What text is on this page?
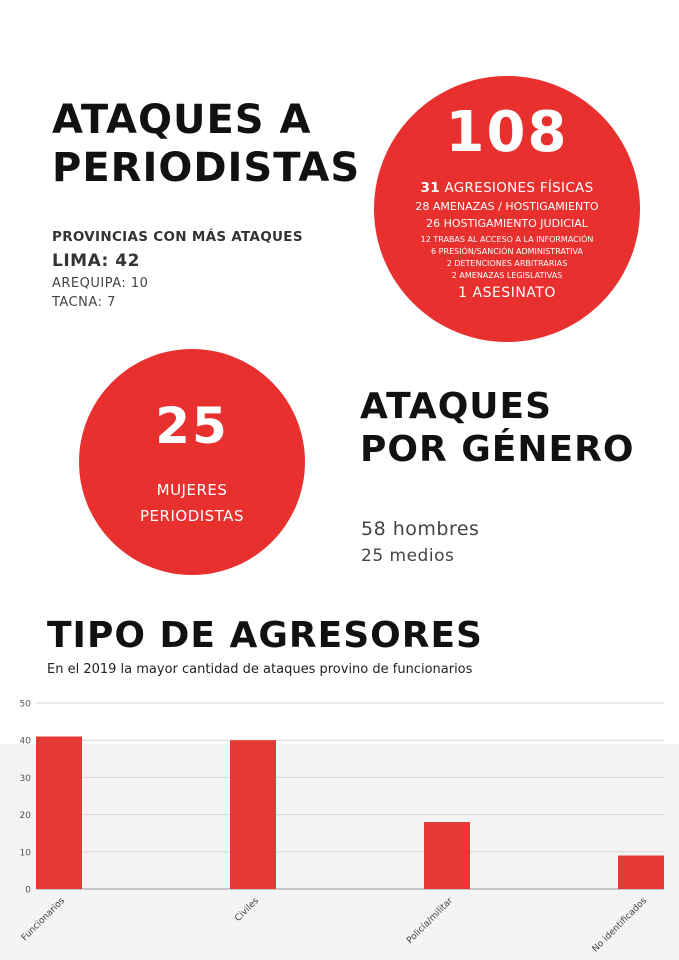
ATAQUES A
PERIODISTAS
PROVINCIAS CON MÁS ATAQUES
LIMA: 42
AREQUIPA: 10
TACNA: 7
108
31 AGRESIONES FÍSICAS
28 AMENAZAS / HOSTIGAMIENTO
26 HOSTIGAMIENTO JUDICIAL
12 TRABAS AL ACCESO A LA INFORMACIÓN
6 PRESIÓN/SANCIÓN ADMINISTRATIVA
2 DETENCIONES ARBITRARIAS
2 AMENAZAS LEGISLATIVAS
1 ASESINATO
25
MUJERES
PERIODISTAS
ATAQUES
POR GÉNERO
58 hombres
25 medios
TIPO DE AGRESORES
En el 2019 la mayor cantidad de ataques provino de funcionarios
0
10
20
30
40
50
Funcionarios	Civiles	Policía/militar	No identificados
